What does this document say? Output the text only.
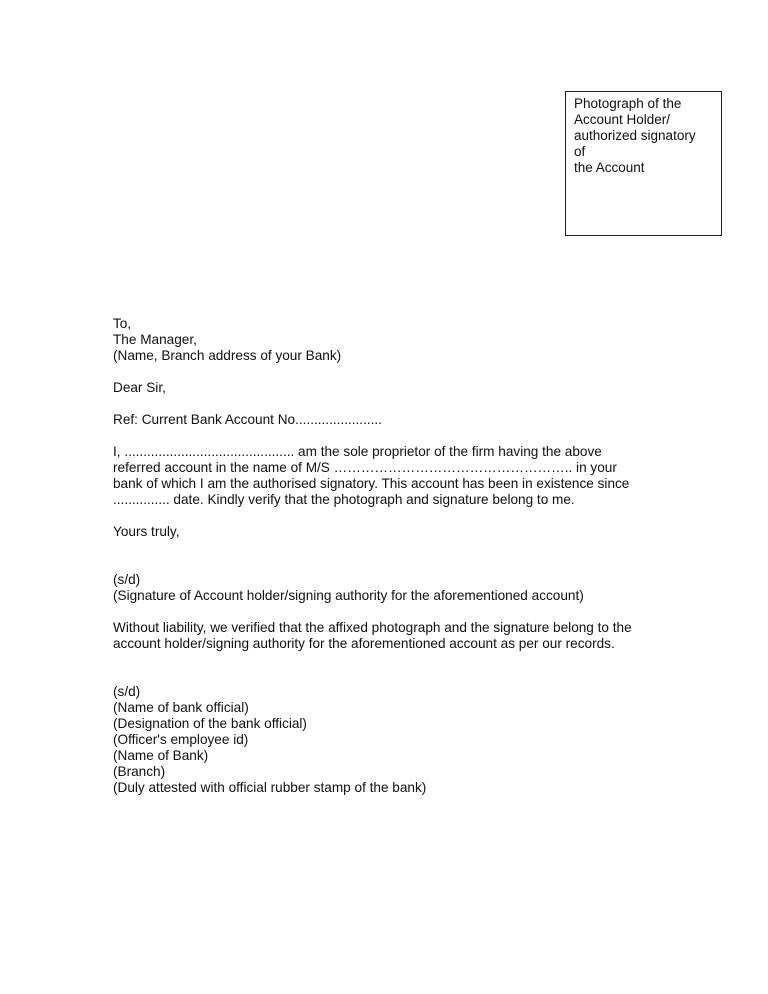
Photograph of the
Account Holder/
authorized signatory
of
the Account
To,
The Manager,
(Name, Branch address of your Bank)
Dear Sir,
Ref: Current Bank Account No.......................
I, ............................................. am the sole proprietor of the firm having the above
referred account in the name of M/S …………………………………………….. in your
bank of which I am the authorised signatory. This account has been in existence since
............... date. Kindly verify that the photograph and signature belong to me.
Yours truly,
(s/d)
(Signature of Account holder/signing authority for the aforementioned account)
Without liability, we verified that the affixed photograph and the signature belong to the
account holder/signing authority for the aforementioned account as per our records.
(s/d)
(Name of bank official)
(Designation of the bank official)
(Officer's employee id)
(Name of Bank)
(Branch)
(Duly attested with official rubber stamp of the bank)
